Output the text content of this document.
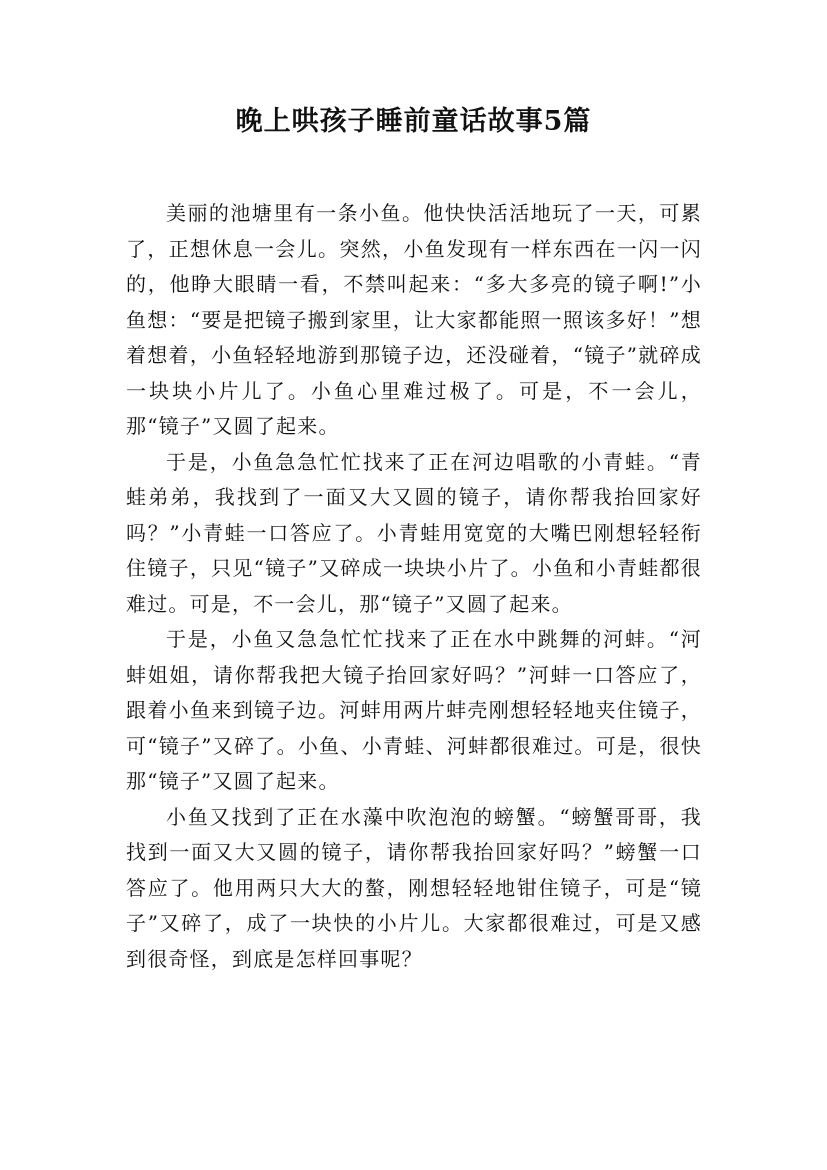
晚上哄孩子睡前童话故事5篇

美丽的池塘里有一条小鱼。他快快活活地玩了一天，可累了，正想休息一会儿。突然，小鱼发现有一样东西在一闪一闪的，他睁大眼睛一看，不禁叫起来：“多大多亮的镜子啊!”小鱼想：“要是把镜子搬到家里，让大家都能照一照该多好！”想着想着，小鱼轻轻地游到那镜子边，还没碰着，“镜子”就碎成一块块小片儿了。小鱼心里难过极了。可是，不一会儿，那“镜子”又圆了起来。

于是，小鱼急急忙忙找来了正在河边唱歌的小青蛙。“青蛙弟弟，我找到了一面又大又圆的镜子，请你帮我抬回家好吗？”小青蛙一口答应了。小青蛙用宽宽的大嘴巴刚想轻轻衔住镜子，只见“镜子”又碎成一块块小片了。小鱼和小青蛙都很难过。可是，不一会儿，那“镜子”又圆了起来。

于是，小鱼又急急忙忙找来了正在水中跳舞的河蚌。“河蚌姐姐，请你帮我把大镜子抬回家好吗？”河蚌一口答应了，跟着小鱼来到镜子边。河蚌用两片蚌壳刚想轻轻地夹住镜子，可“镜子”又碎了。小鱼、小青蛙、河蚌都很难过。可是，很快那“镜子”又圆了起来。

小鱼又找到了正在水藻中吹泡泡的螃蟹。“螃蟹哥哥，我找到一面又大又圆的镜子，请你帮我抬回家好吗？”螃蟹一口答应了。他用两只大大的螯，刚想轻轻地钳住镜子，可是“镜子”又碎了，成了一块快的小片儿。大家都很难过，可是又感到很奇怪，到底是怎样回事呢？
